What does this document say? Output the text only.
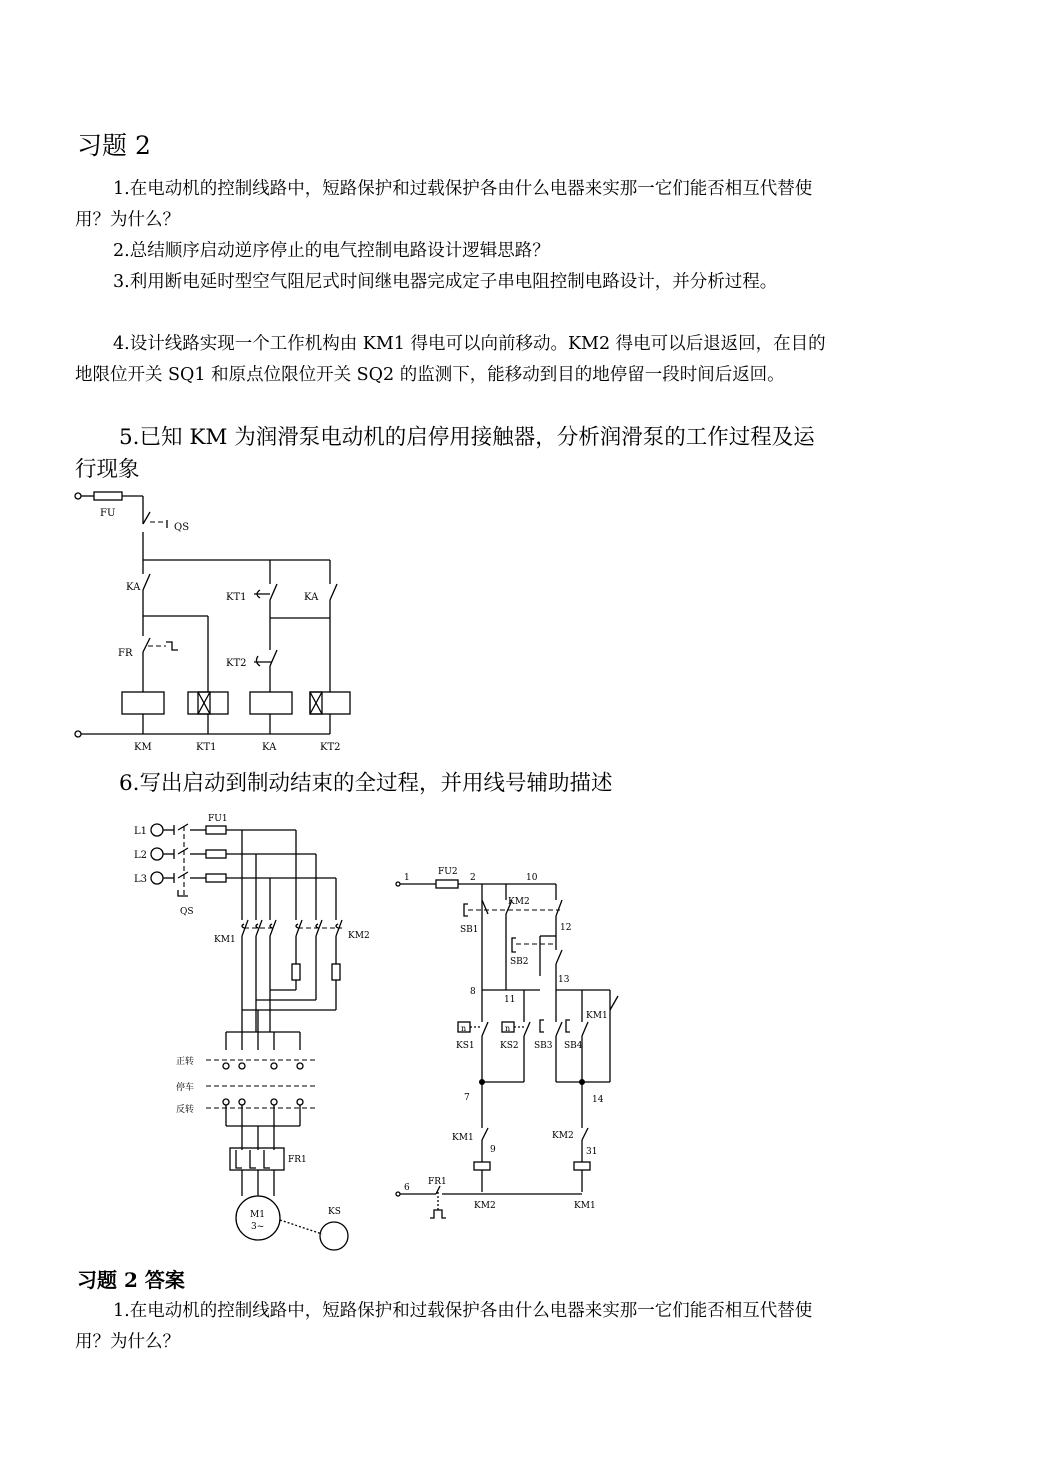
习题 2

1.在电动机的控制线路中，短路保护和过载保护各由什么电器来实那一它们能否相互代替使用？为什么？

2.总结顺序启动逆序停止的电气控制电路设计逻辑思路？

3.利用断电延时型空气阻尼式时间继电器完成定子串电阻控制电路设计，并分析过程。

4.设计线路实现一个工作机构由 KM1 得电可以向前移动。KM2 得电可以后退返回，在目的地限位开关 SQ1 和原点位限位开关 SQ2 的监测下，能移动到目的地停留一段时间后返回。

5.已知 KM 为润滑泵电动机的启停用接触器，分析润滑泵的工作过程及运行现象

FU
QS
KA
FR
KT1	KA
KT2
KM	KT1	KA	KT2

6.写出启动到制动结束的全过程，并用线号辅助描述

L1
L2
L3
QS
FU1
KM1	KM2
正转
停车
反转
FR1
M1
3~
KS
1
FU2
2	10
KM2
SB1	12
SB2
13
8
11
KM1
n
KS1
n
KS2 SB3 SB4
7	14
KM1
9
KM2
31
6
FR1
KM2	KM1
习题 2 答案

1.在电动机的控制线路中，短路保护和过载保护各由什么电器来实那一它们能否相互代替使用？为什么？
